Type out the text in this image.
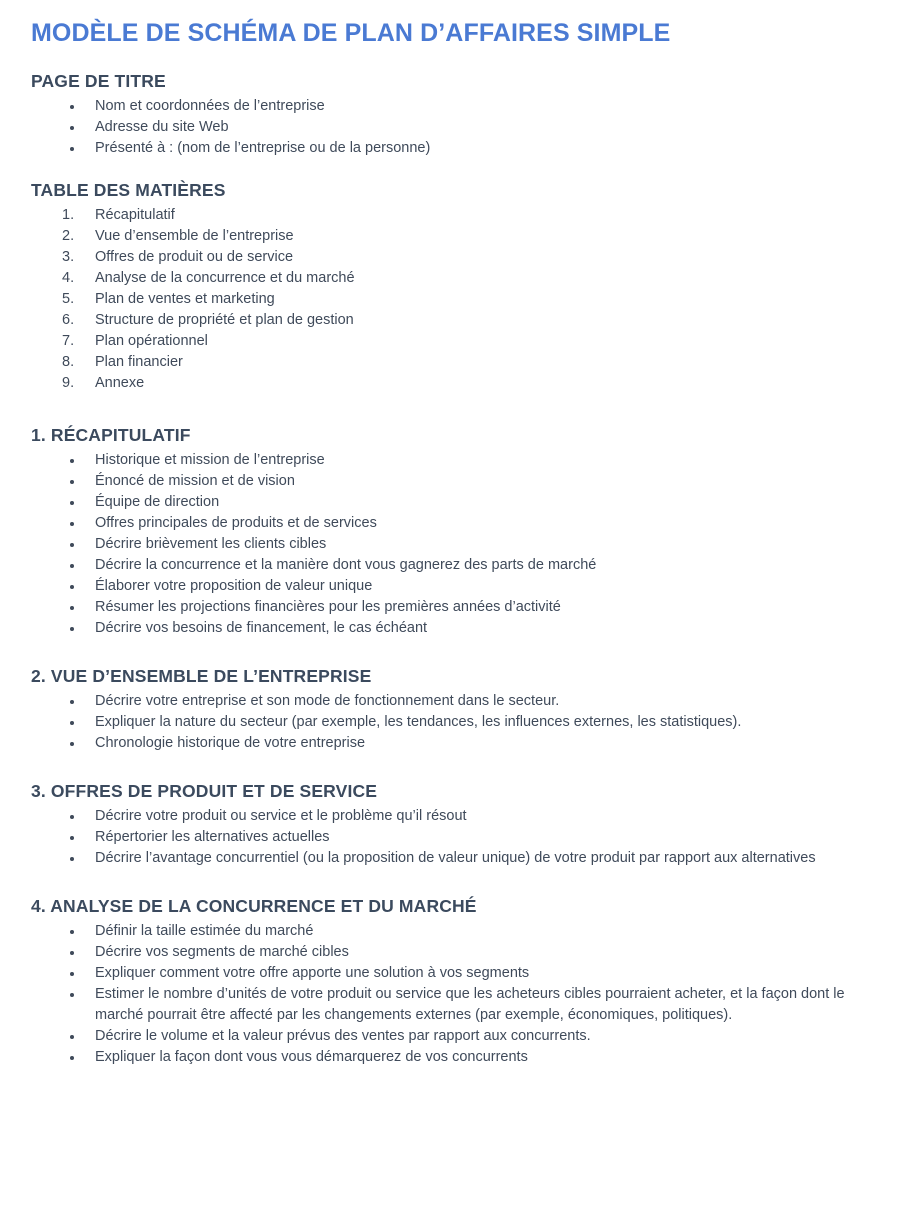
MODÈLE DE SCHÉMA DE PLAN D’AFFAIRES SIMPLE
PAGE DE TITRE
Nom et coordonnées de l’entreprise
Adresse du site Web
Présenté à : (nom de l’entreprise ou de la personne)
TABLE DES MATIÈRES
Récapitulatif
Vue d’ensemble de l’entreprise
Offres de produit ou de service
Analyse de la concurrence et du marché
Plan de ventes et marketing
Structure de propriété et plan de gestion
Plan opérationnel
Plan financier
Annexe
1. RÉCAPITULATIF
Historique et mission de l’entreprise
Énoncé de mission et de vision
Équipe de direction
Offres principales de produits et de services
Décrire brièvement les clients cibles
Décrire la concurrence et la manière dont vous gagnerez des parts de marché
Élaborer votre proposition de valeur unique
Résumer les projections financières pour les premières années d’activité
Décrire vos besoins de financement, le cas échéant
2. VUE D’ENSEMBLE DE L’ENTREPRISE
Décrire votre entreprise et son mode de fonctionnement dans le secteur.
Expliquer la nature du secteur (par exemple, les tendances, les influences externes, les statistiques).
Chronologie historique de votre entreprise
3. OFFRES DE PRODUIT ET DE SERVICE
Décrire votre produit ou service et le problème qu’il résout
Répertorier les alternatives actuelles
Décrire l’avantage concurrentiel (ou la proposition de valeur unique) de votre produit par rapport aux alternatives
4. ANALYSE DE LA CONCURRENCE ET DU MARCHÉ
Définir la taille estimée du marché
Décrire vos segments de marché cibles
Expliquer comment votre offre apporte une solution à vos segments
Estimer le nombre d’unités de votre produit ou service que les acheteurs cibles pourraient acheter, et la façon dont le marché pourrait être affecté par les changements externes (par exemple, économiques, politiques).
Décrire le volume et la valeur prévus des ventes par rapport aux concurrents.
Expliquer la façon dont vous vous démarquerez de vos concurrents
